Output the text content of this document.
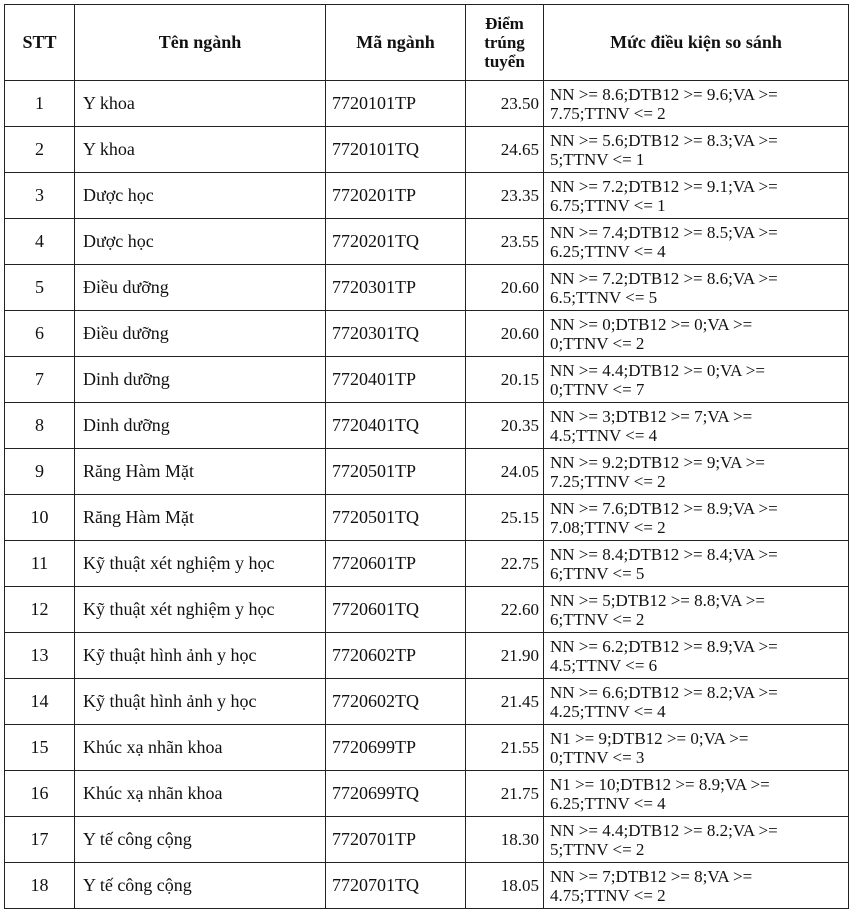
STT	Tên ngành	Mã ngành	Điểm
trúng
tuyển	Mức điều kiện so sánh
1	Y khoa	7720101TP	23.50	NN >= 8.6;DTB12 >= 9.6;VA >=
7.75;TTNV <= 2

2	Y khoa	7720101TQ	24.65	NN >= 5.6;DTB12 >= 8.3;VA >=
5;TTNV <= 1

3	Dược học	7720201TP	23.35	NN >= 7.2;DTB12 >= 9.1;VA >=
6.75;TTNV <= 1

4	Dược học	7720201TQ	23.55	NN >= 7.4;DTB12 >= 8.5;VA >=
6.25;TTNV <= 4

5	Điều dưỡng	7720301TP	20.60	NN >= 7.2;DTB12 >= 8.6;VA >=
6.5;TTNV <= 5

6	Điều dưỡng	7720301TQ	20.60	NN >= 0;DTB12 >= 0;VA >=
0;TTNV <= 2

7	Dinh dưỡng	7720401TP	20.15	NN >= 4.4;DTB12 >= 0;VA >=
0;TTNV <= 7

8	Dinh dưỡng	7720401TQ	20.35	NN >= 3;DTB12 >= 7;VA >=
4.5;TTNV <= 4

9	Răng Hàm Mặt	7720501TP	24.05	NN >= 9.2;DTB12 >= 9;VA >=
7.25;TTNV <= 2

10	Răng Hàm Mặt	7720501TQ	25.15	NN >= 7.6;DTB12 >= 8.9;VA >=
7.08;TTNV <= 2

11	Kỹ thuật xét nghiệm y học	7720601TP	22.75	NN >= 8.4;DTB12 >= 8.4;VA >=
6;TTNV <= 5

12	Kỹ thuật xét nghiệm y học	7720601TQ	22.60	NN >= 5;DTB12 >= 8.8;VA >=
6;TTNV <= 2

13	Kỹ thuật hình ảnh y học	7720602TP	21.90	NN >= 6.2;DTB12 >= 8.9;VA >=
4.5;TTNV <= 6

14	Kỹ thuật hình ảnh y học	7720602TQ	21.45	NN >= 6.6;DTB12 >= 8.2;VA >=
4.25;TTNV <= 4

15	Khúc xạ nhãn khoa	7720699TP	21.55	N1 >= 9;DTB12 >= 0;VA >=
0;TTNV <= 3

16	Khúc xạ nhãn khoa	7720699TQ	21.75	N1 >= 10;DTB12 >= 8.9;VA >=
6.25;TTNV <= 4

17	Y tế công cộng	7720701TP	18.30	NN >= 4.4;DTB12 >= 8.2;VA >=
5;TTNV <= 2

18	Y tế công cộng	7720701TQ	18.05	NN >= 7;DTB12 >= 8;VA >=
4.75;TTNV <= 2
